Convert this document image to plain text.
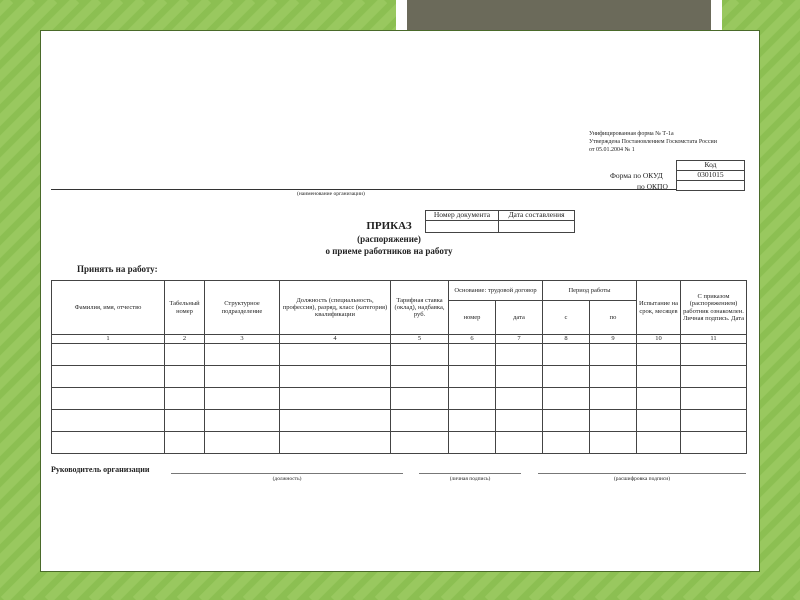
Унифицированная форма № Т-1а
Утверждена Постановлением Госкомстата России
от 05.01.2004 № 1
Код
0301015

Форма по ОКУД
по ОКПО
(наименование организации)
Номер документа	Дата составления

ПРИКАЗ
(распоряжение)
о приеме работников на работу
Принять на работу:
Фамилия, имя, отчество	Табельный номер	Структурное подразделение	Должность (специальность, профессия), разряд, класс (категория) квалификации	Тарифная ставка (оклад), надбавка, руб.	Основание: трудовой договор		Период работы		Испытание на срок, месяцев	С приказом (распоряжением) работник ознакомлен. Личная подпись. Дата
					номер	дата	с	по		
1	2	3	4	5	6	7	8	9	10	11

Руководитель организации
(должность)	(личная подпись)	(расшифровка подписи)
